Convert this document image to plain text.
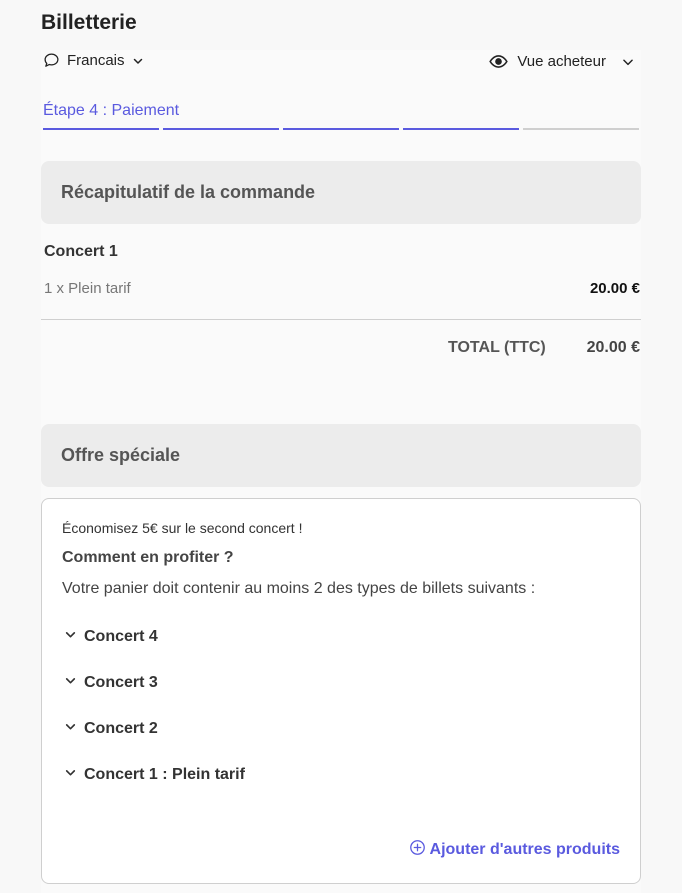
Billetterie
Francais	Vue acheteur
Étape 4 : Paiement
Récapitulatif de la commande
Concert 1
1 x Plein tarif	20.00 €
TOTAL (TTC)	20.00 €
Offre spéciale
Économisez 5€ sur le second concert !
Comment en profiter ?
Votre panier doit contenir au moins 2 des types de billets suivants :
Concert 4
Concert 3
Concert 2
Concert 1 : Plein tarif
Ajouter d'autres produits
